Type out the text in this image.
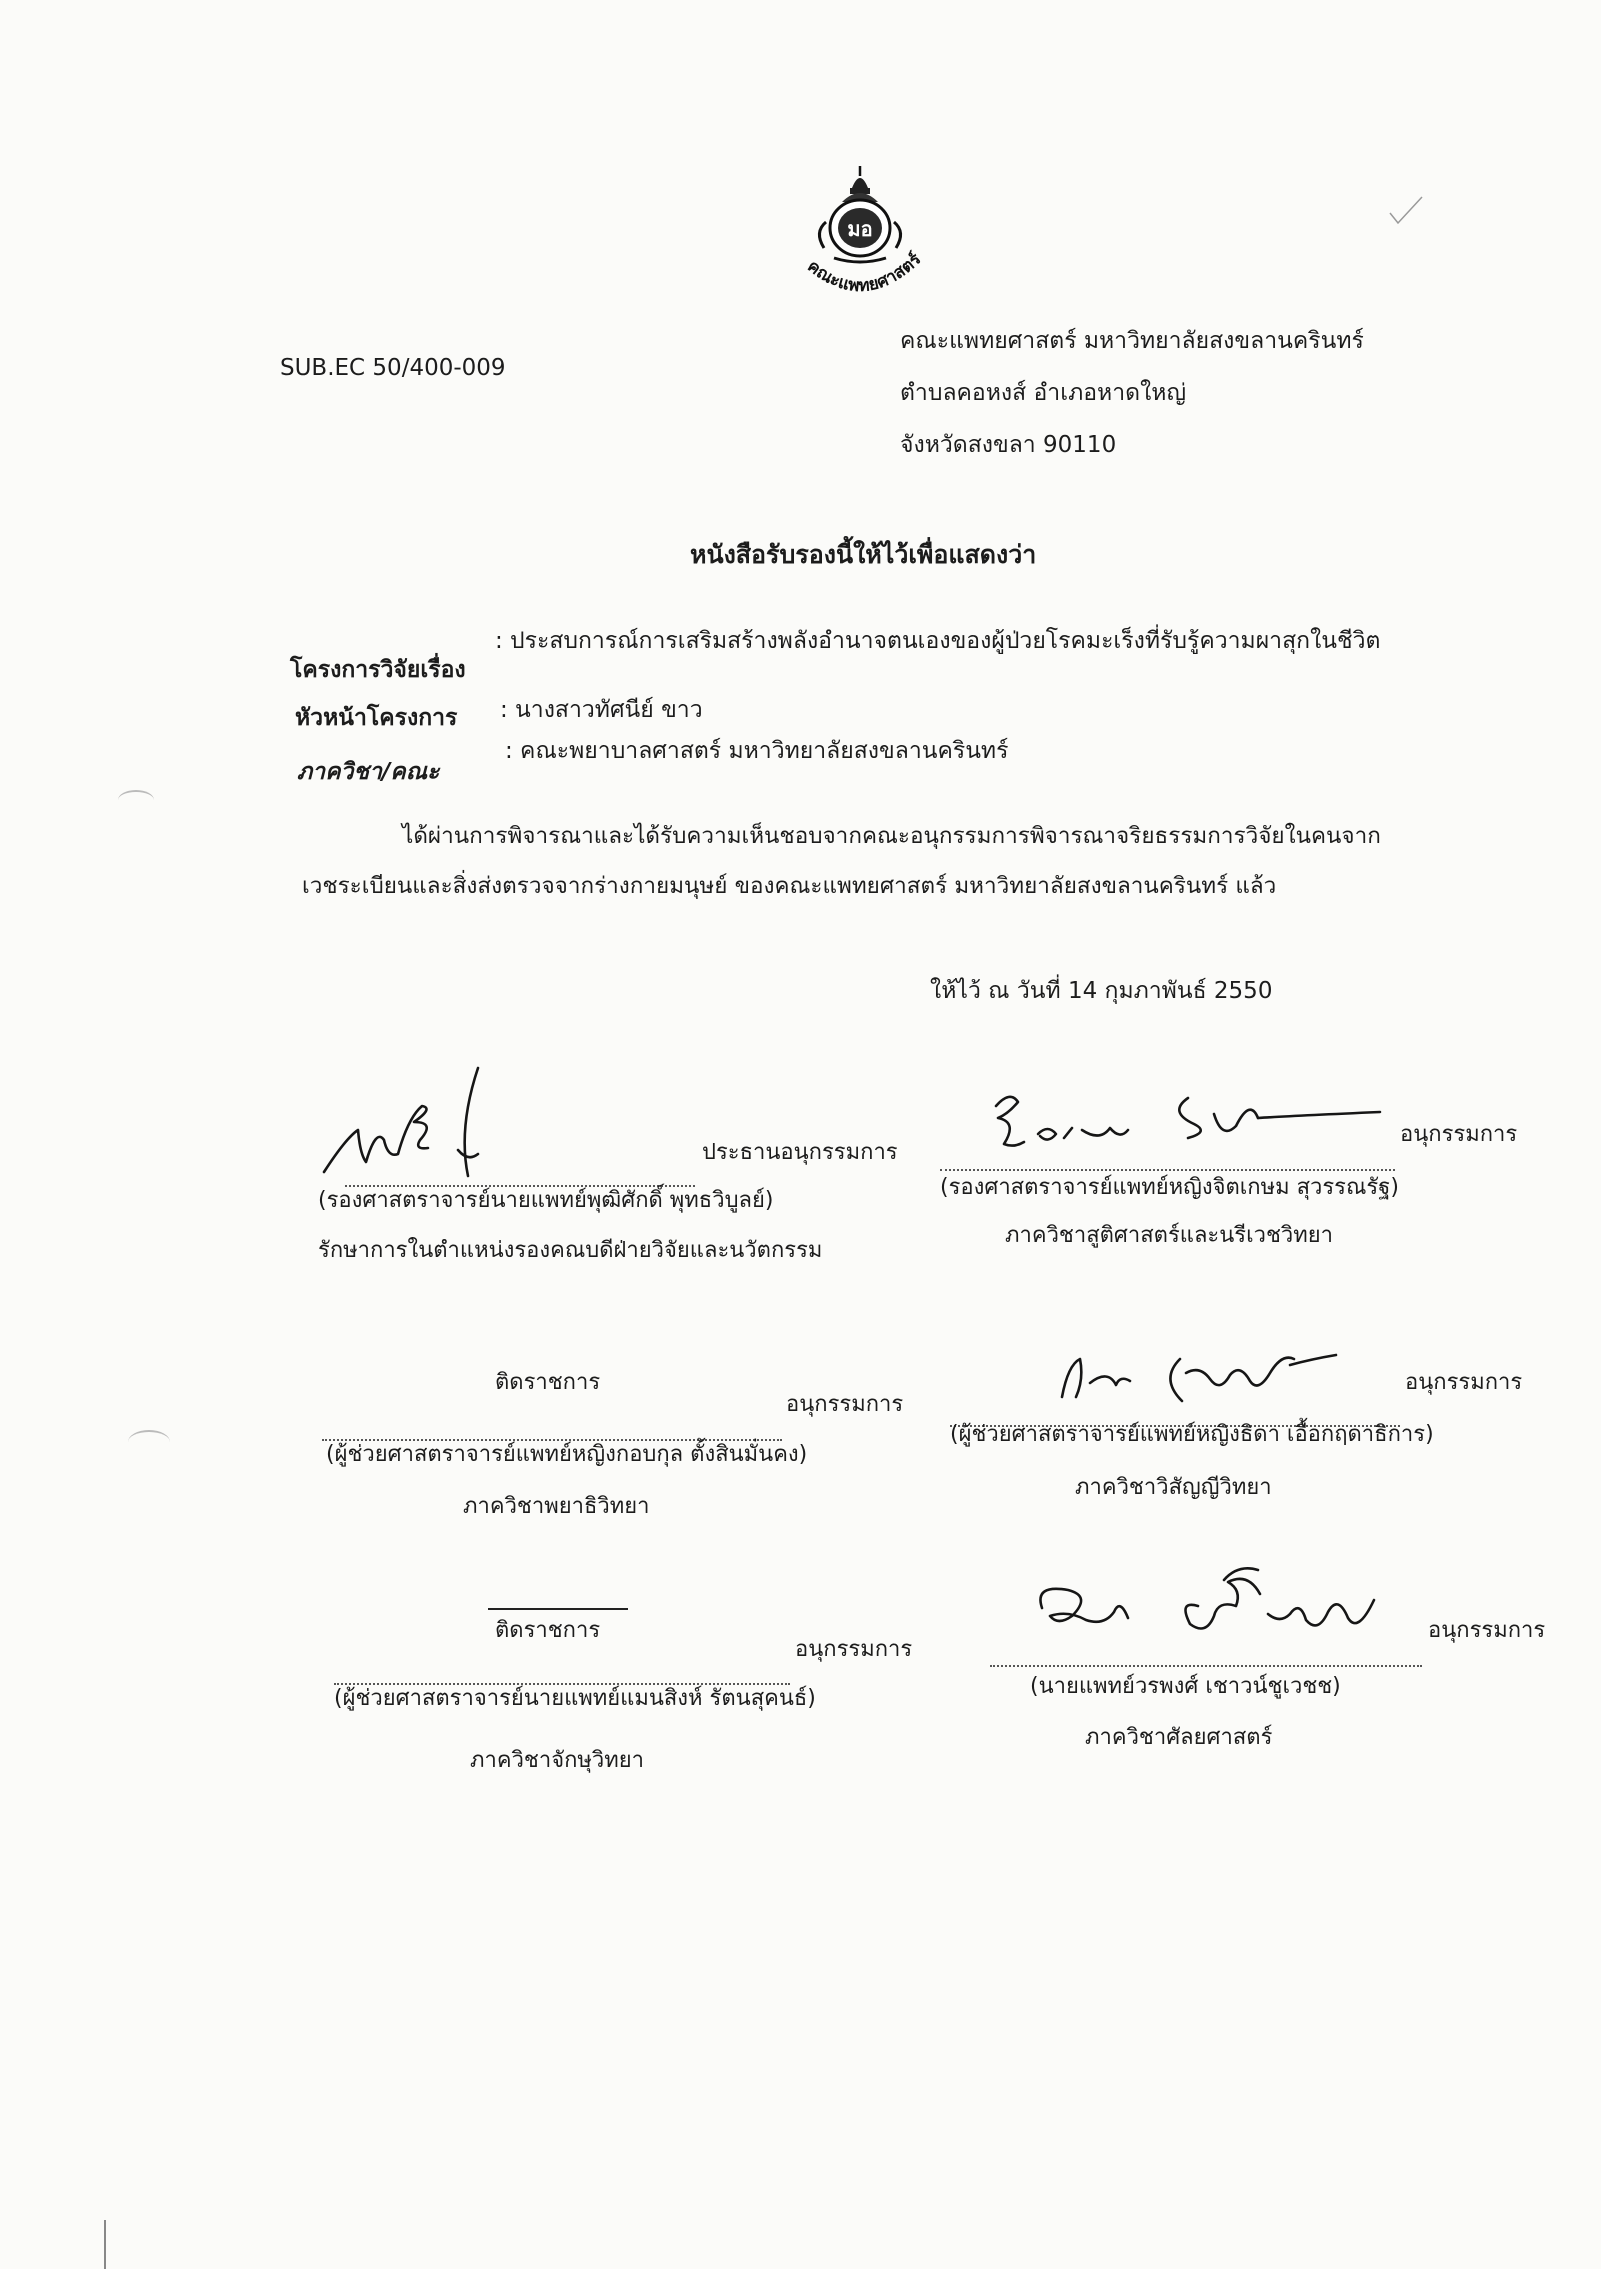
มอ
คณะแพทยศาสตร์
SUB.EC 50/400-009
คณะแพทยศาสตร์ มหาวิทยาลัยสงขลานครินทร์
ตำบลคอหงส์ อำเภอหาดใหญ่
จังหวัดสงขลา 90110
หนังสือรับรองนี้ให้ไว้เพื่อแสดงว่า
โครงการวิจัยเรื่อง
: ประสบการณ์การเสริมสร้างพลังอำนาจตนเองของผู้ป่วยโรคมะเร็งที่รับรู้ความผาสุกในชีวิต
หัวหน้าโครงการ : นางสาวทัศนีย์ ขาว
ภาควิชา/คณะ
: คณะพยาบาลศาสตร์ มหาวิทยาลัยสงขลานครินทร์
ได้ผ่านการพิจารณาและได้รับความเห็นชอบจากคณะอนุกรรมการพิจารณาจริยธรรมการวิจัยในคนจาก
เวชระเบียนและสิ่งส่งตรวจจากร่างกายมนุษย์ ของคณะแพทยศาสตร์ มหาวิทยาลัยสงขลานครินทร์ แล้ว
ให้ไว้ ณ วันที่ 14 กุมภาพันธ์ 2550
ประธานอนุกรรมการ
(รองศาสตราจารย์นายแพทย์พุฒิศักดิ์ พุทธวิบูลย์)
รักษาการในตำแหน่งรองคณบดีฝ่ายวิจัยและนวัตกรรม
อนุกรรมการ
(รองศาสตราจารย์แพทย์หญิงจิตเกษม สุวรรณรัฐ)
ภาควิชาสูติศาสตร์และนรีเวชวิทยา
ติดราชการ
อนุกรรมการ
(ผู้ช่วยศาสตราจารย์แพทย์หญิงกอบกุล ตั้งสินมั่นคง)
ภาควิชาพยาธิวิทยา
อนุกรรมการ
(ผู้ช่วยศาสตราจารย์แพทย์หญิงธิดา เอื้อกฤดาธิการ)
ภาควิชาวิสัญญีวิทยา
ติดราชการ
อนุกรรมการ
(ผู้ช่วยศาสตราจารย์นายแพทย์แมนสิงห์ รัตนสุคนธ์)
ภาควิชาจักษุวิทยา
อนุกรรมการ
(นายแพทย์วรพงศ์ เชาวน์ชูเวชช)
ภาควิชาศัลยศาสตร์
